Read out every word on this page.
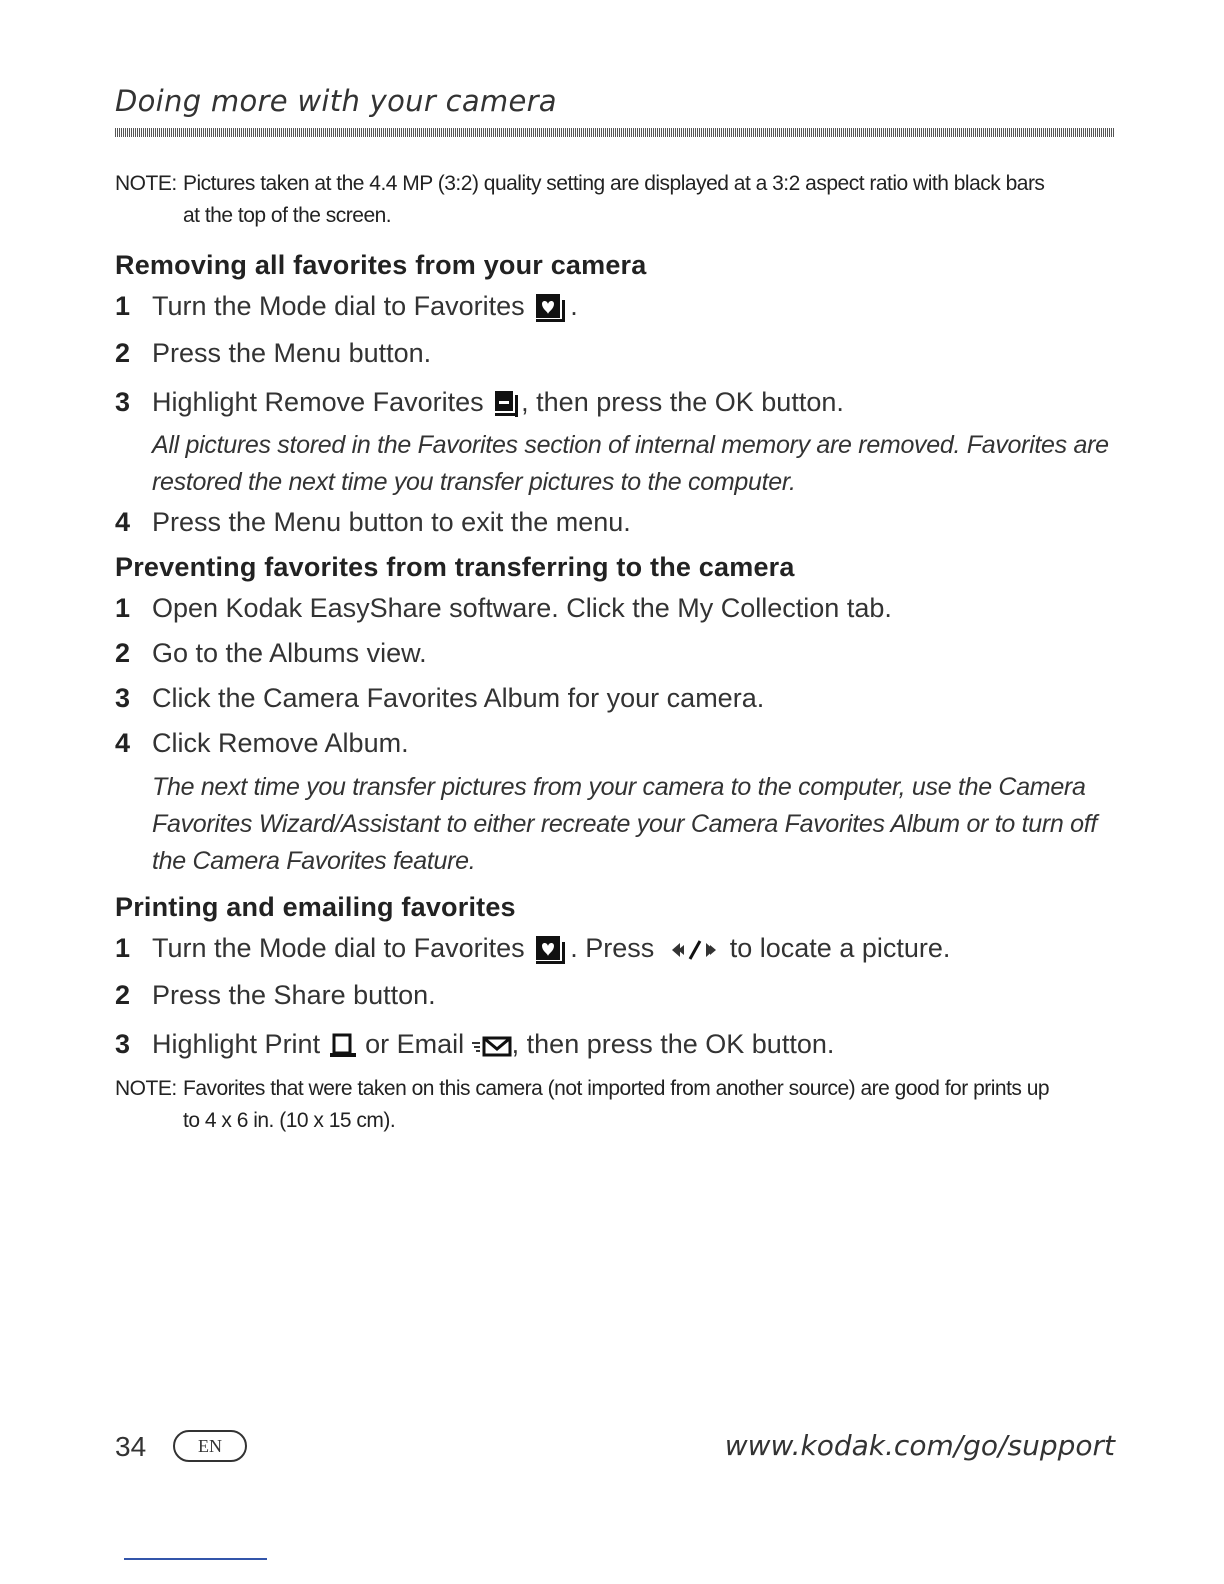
Doing more with your camera
NOTE: Pictures taken at the 4.4 MP (3:2) quality setting are displayed at a 3:2 aspect ratio with black bars
at the top of the screen.
Removing all favorites from your camera
1 Turn the Mode dial to Favorites .
2 Press the Menu button.
3 Highlight Remove Favorites , then press the OK button.
All pictures stored in the Favorites section of internal memory are removed. Favorites are
restored the next time you transfer pictures to the computer.
4 Press the Menu button to exit the menu.
Preventing favorites from transferring to the camera
1 Open Kodak EasyShare software. Click the My Collection tab.
2 Go to the Albums view.
3 Click the Camera Favorites Album for your camera.
4 Click Remove Album.
The next time you transfer pictures from your camera to the computer, use the Camera
Favorites Wizard/Assistant to either recreate your Camera Favorites Album or to turn off
the Camera Favorites feature.
Printing and emailing favorites
1 Turn the Mode dial to Favorites . Press	to locate a picture.
2 Press the Share button.
3 Highlight Print or Email , then press the OK button.
NOTE: Favorites that were taken on this camera (not imported from another source) are good for prints up
to 4 x 6 in. (10 x 15 cm).
34	EN	www.kodak.com/go/support
